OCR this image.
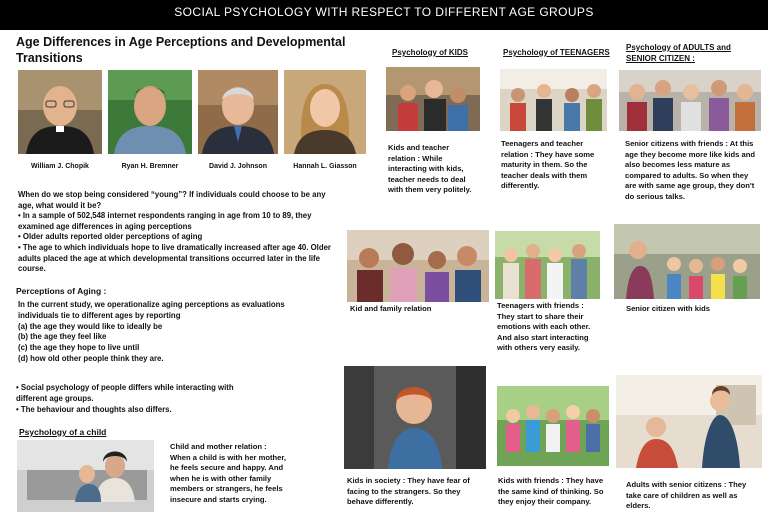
SOCIAL PSYCHOLOGY WITH RESPECT TO DIFFERENT AGE GROUPS
Age Differences in Age Perceptions and Developmental Transitions
William J. Chopik	Ryan H. Bremner	David J. Johnson	Hannah L. Giasson

When do we stop being considered “young”? If individuals could choose to be any age, what would it be?

• In a sample of 502,548 internet respondents ranging in age from 10 to 89, they examined age differences in aging perceptions

• Older adults reported older perceptions of aging

• The age to which individuals hope to live dramatically increased after age 40. Older adults placed the age at which developmental transitions occurred later in the life course.

Perceptions of Aging :

In the current study, we operationalize aging perceptions as evaluations individuals tie to different ages by reporting

(a) the age they would like to ideally be

(b) the age they feel like

(c) the age they hope to live until

(d) how old other people think they are.

• Social psychology of people differs while interacting with different age groups.

• The behaviour and thoughts also differs.

Psychology of a child
Child and mother relation : When a child is with her mother, he feels secure and happy. And when he is with other family members or strangers, he feels insecure and starts crying.
Psychology of KIDS	Psychology of TEENAGERS
Psychology of ADULTS and SENIOR CITIZEN :
Kids and teacher relation : While interacting with kids, teacher needs to deal with them very politely.
Kid and family relation
Kids in society : They have fear of facing to the strangers. So they behave differently.
Teenagers and teacher relation : They have some maturity in them. So the teacher deals with them differently.
Teenagers with friends : They start to share their emotions with each other. And also start interacting with others very easily.
Kids with friends : They have the same kind of thinking. So they enjoy their company.
Senior citizens with friends : At this age they become more like kids and also becomes less mature as compared to adults. So when they are with same age group, they don't do serious talks.
Senior citizen with kids
Adults with senior citizens : They take care of children as well as elders.
